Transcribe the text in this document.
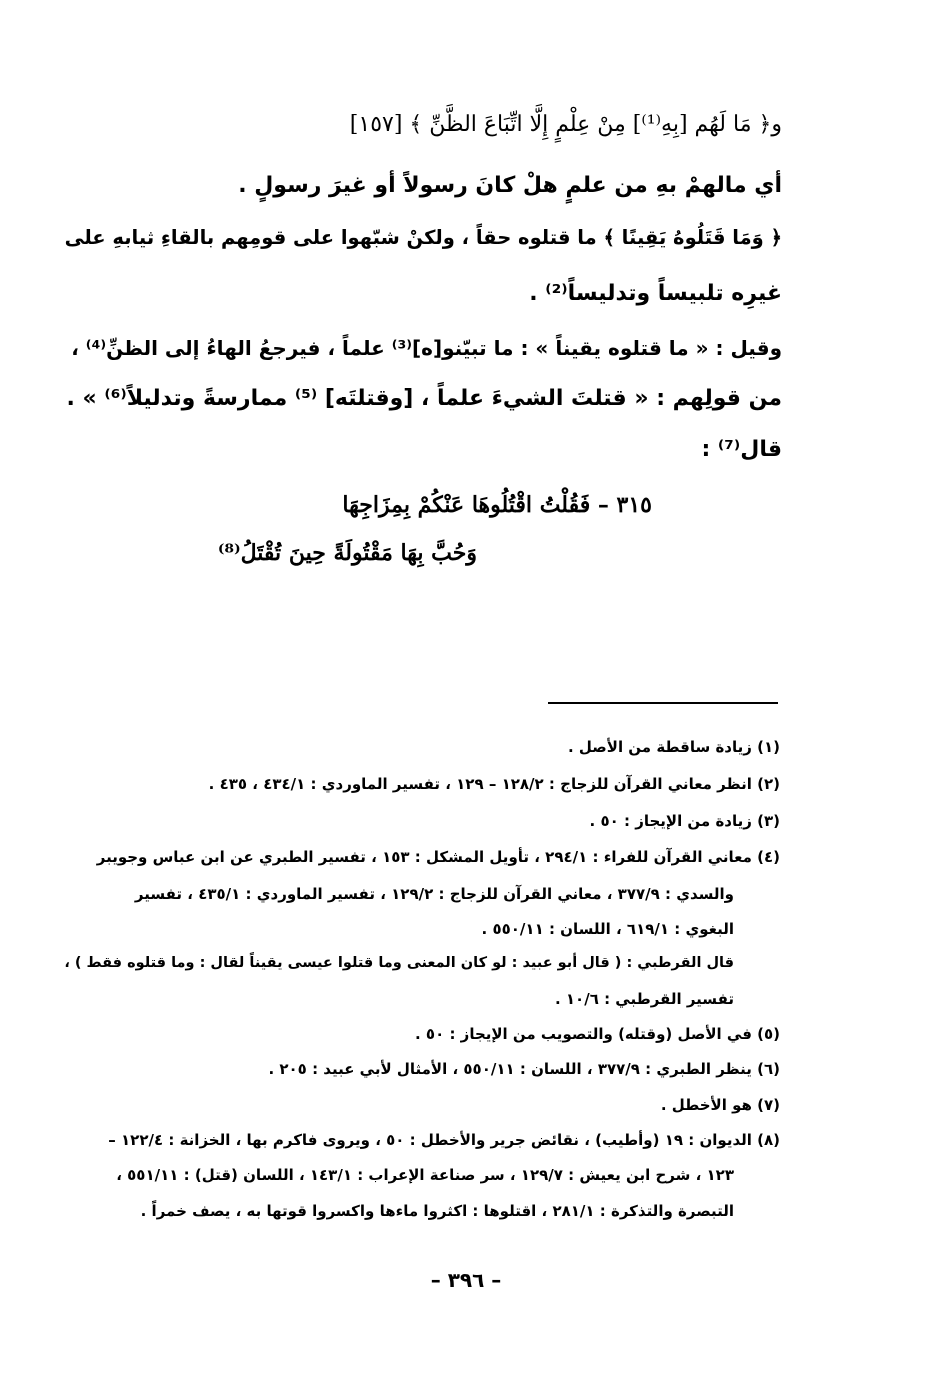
و﴿ مَا لَهُم [بِهِ⁽¹⁾] مِنْ عِلْمٍ إِلَّا اتِّبَاعَ الظَّنِّ ﴾ [١٥٧]
أي مالهمْ بهِ من علمٍ هلْ كانَ رسولاً أو غيرَ رسولٍ .
﴿ وَمَا قَتَلُوهُ يَقِينًا ﴾ ما قتلوه حقاً ، ولكنْ شبّهوا على قومِهم بالقاءِ ثيابهِ على
غيرِه تلبيساً وتدليساً⁽²⁾ .
وقيل : « ما قتلوه يقيناً » : ما تبيّنو[ه]⁽³⁾ علماً ، فيرجعُ الهاءُ إلى الظنِّ⁽⁴⁾ ،
من قولِهم : « قتلتَ الشيءَ علماً ، [وقتلتَه] ⁽⁵⁾ ممارسةً وتدليلاً⁽⁶⁾ » .
قال⁽⁷⁾ :
٣١٥ – فَقُلْتُ اقْتُلُوهَا عَنْكُمْ بِمِزَاجِهَا
وَحُبَّ بِهَا مَقْتُولَةً حِينَ تُقْتَلُ⁽⁸⁾
(١) زيادة ساقطة من الأصل .
(٢) انظر معاني القرآن للزجاج : ١٢٨/٢ – ١٢٩ ، تفسير الماوردي : ٤٣٤/١ ، ٤٣٥ .
(٣) زيادة من الإيجاز : ٥٠ .
(٤) معاني القرآن للفراء : ٢٩٤/١ ، تأويل المشكل : ١٥٣ ، تفسير الطبري عن ابن عباس وجويبر
والسدي : ٣٧٧/٩ ، معاني القرآن للزجاج : ١٢٩/٢ ، تفسير الماوردي : ٤٣٥/١ ، تفسير
البغوي : ٦١٩/١ ، اللسان : ٥٥٠/١١ .
قال القرطبي : ( قال أبو عبيد : لو كان المعنى وما قتلوا عيسى يقيناً لقال : وما قتلوه فقط ) ،
تفسير القرطبي : ١٠/٦ .
(٥) في الأصل (وقتله) والتصويب من الإيجاز : ٥٠ .
(٦) ينظر الطبري : ٣٧٧/٩ ، اللسان : ٥٥٠/١١ ، الأمثال لأبي عبيد : ٢٠٥ .
(٧) هو الأخطل .
(٨) الديوان : ١٩ (وأطيب) ، نقائض جرير والأخطل : ٥٠ ، ويروى فاكرم بها ، الخزانة : ١٢٢/٤ –
١٢٣ ، شرح ابن يعيش : ١٢٩/٧ ، سر صناعة الإعراب : ١٤٣/١ ، اللسان (قتل) : ٥٥١/١١ ،
التبصرة والتذكرة : ٢٨١/١ ، اقتلوها : اكثروا ماءها واكسروا قوتها به ، يصف خمراً .
– ٣٩٦ –
